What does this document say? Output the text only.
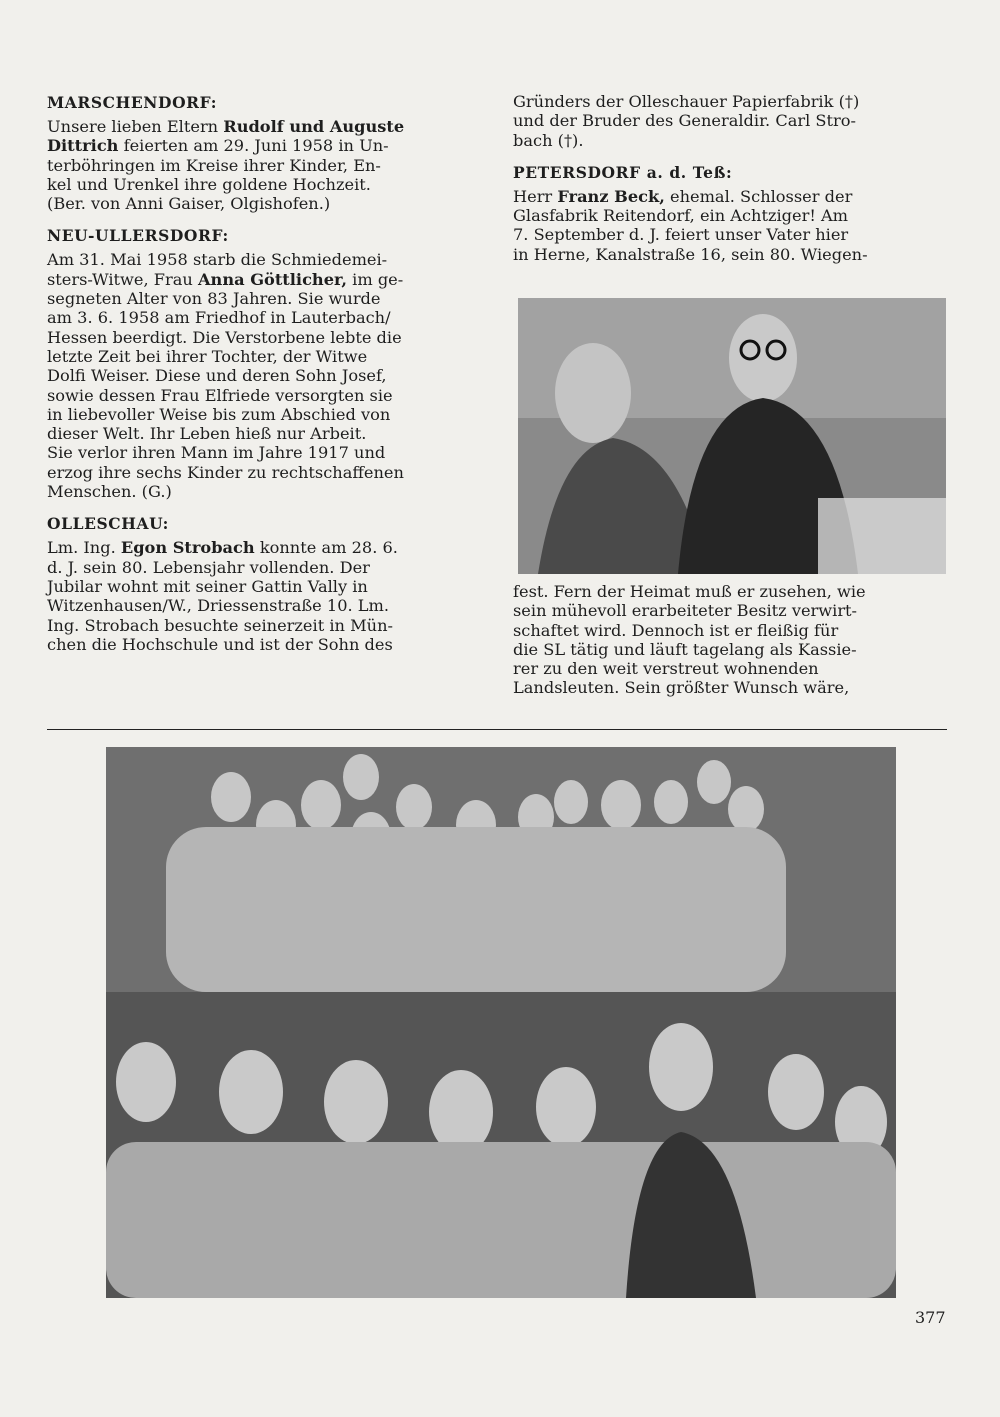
MARSCHENDORF:
Unsere lieben Eltern Rudolf und Auguste
Dittrich feierten am 29. Juni 1958 in Un-
terböhringen im Kreise ihrer Kinder, En-
kel und Urenkel ihre goldene Hochzeit.
(Ber. von Anni Gaiser, Olgishofen.)
NEU-ULLERSDORF:
Am 31. Mai 1958 starb die Schmiedemei-
sters-Witwe, Frau Anna Göttlicher, im ge-
segneten Alter von 83 Jahren. Sie wurde
am 3. 6. 1958 am Friedhof in Lauterbach/
Hessen beerdigt. Die Verstorbene lebte die
letzte Zeit bei ihrer Tochter, der Witwe
Dolfi Weiser. Diese und deren Sohn Josef,
sowie dessen Frau Elfriede versorgten sie
in liebevoller Weise bis zum Abschied von
dieser Welt. Ihr Leben hieß nur Arbeit.
Sie verlor ihren Mann im Jahre 1917 und
erzog ihre sechs Kinder zu rechtschaffenen
Menschen. (G.)
OLLESCHAU:
Lm. Ing. Egon Strobach konnte am 28. 6.
d. J. sein 80. Lebensjahr vollenden. Der
Jubilar wohnt mit seiner Gattin Vally in
Witzenhausen/W., Driessenstraße 10. Lm.
Ing. Strobach besuchte seinerzeit in Mün-
chen die Hochschule und ist der Sohn des
Gründers der Olleschauer Papierfabrik (†)
und der Bruder des Generaldir. Carl Stro-
bach (†).
PETERSDORF a. d. Teß:
Herr Franz Beck, ehemal. Schlosser der
Glasfabrik Reitendorf, ein Achtziger! Am
7. September d. J. feiert unser Vater hier
in Herne, Kanalstraße 16, sein 80. Wiegen-
fest. Fern der Heimat muß er zusehen, wie
sein mühevoll erarbeiteter Besitz verwirt-
schaftet wird. Dennoch ist er fleißig für
die SL tätig und läuft tagelang als Kassie-
rer zu den weit verstreut wohnenden
Landsleuten. Sein größter Wunsch wäre,
377
